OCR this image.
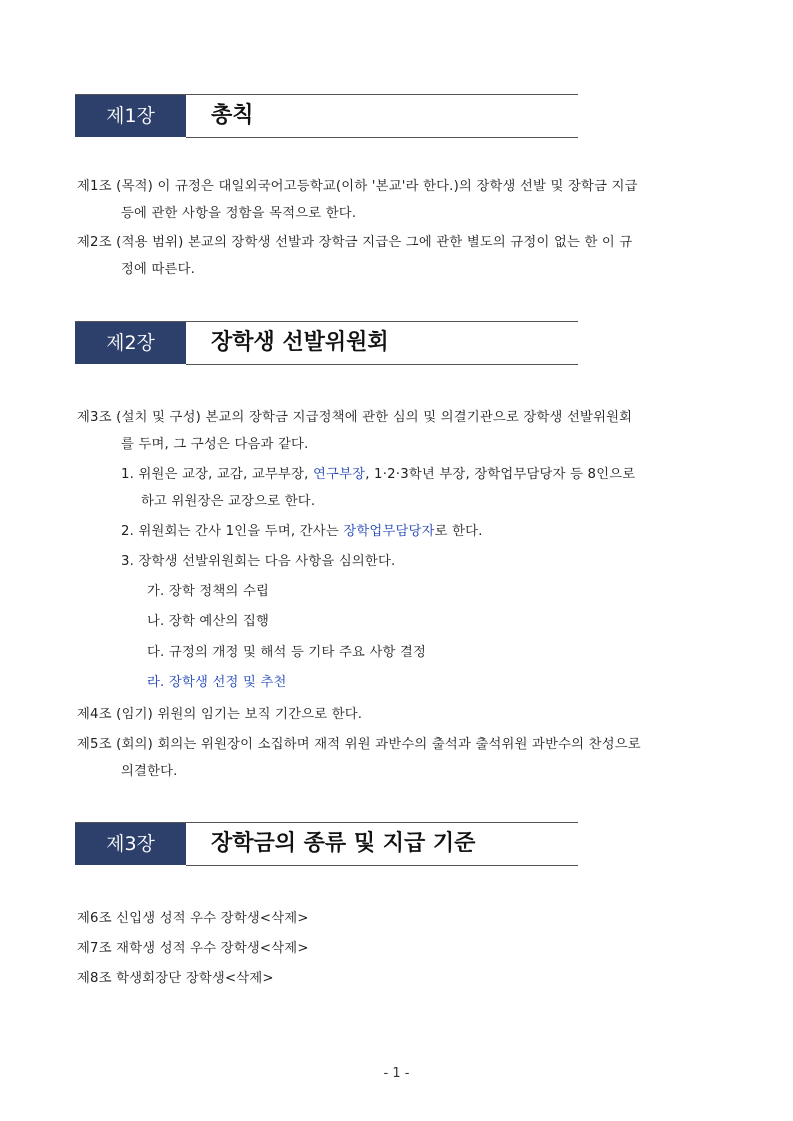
제1장	총칙
제1조 (목적) 이 규정은 대일외국어고등학교(이하 '본교'라 한다.)의 장학생 선발 및 장학금 지급
등에 관한 사항을 정함을 목적으로 한다.
제2조 (적용 범위) 본교의 장학생 선발과 장학금 지급은 그에 관한 별도의 규정이 없는 한 이 규
정에 따른다.
제2장	장학생 선발위원회
제3조 (설치 및 구성) 본교의 장학금 지급정책에 관한 심의 및 의결기관으로 장학생 선발위원회
를 두며, 그 구성은 다음과 같다.
1. 위원은 교장, 교감, 교무부장, 연구부장, 1·2·3학년 부장, 장학업무담당자 등 8인으로
하고 위원장은 교장으로 한다.
2. 위원회는 간사 1인을 두며, 간사는 장학업무담당자로 한다.
3. 장학생 선발위원회는 다음 사항을 심의한다.
가. 장학 정책의 수립
나. 장학 예산의 집행
다. 규정의 개정 및 해석 등 기타 주요 사항 결정
라. 장학생 선정 및 추천
제4조 (임기) 위원의 임기는 보직 기간으로 한다.
제5조 (회의) 회의는 위원장이 소집하며 재적 위원 과반수의 출석과 출석위원 과반수의 찬성으로
의결한다.
제3장	장학금의 종류 및 지급 기준
제6조 신입생 성적 우수 장학생<삭제>
제7조 재학생 성적 우수 장학생<삭제>
제8조 학생회장단 장학생<삭제>
- 1 -
